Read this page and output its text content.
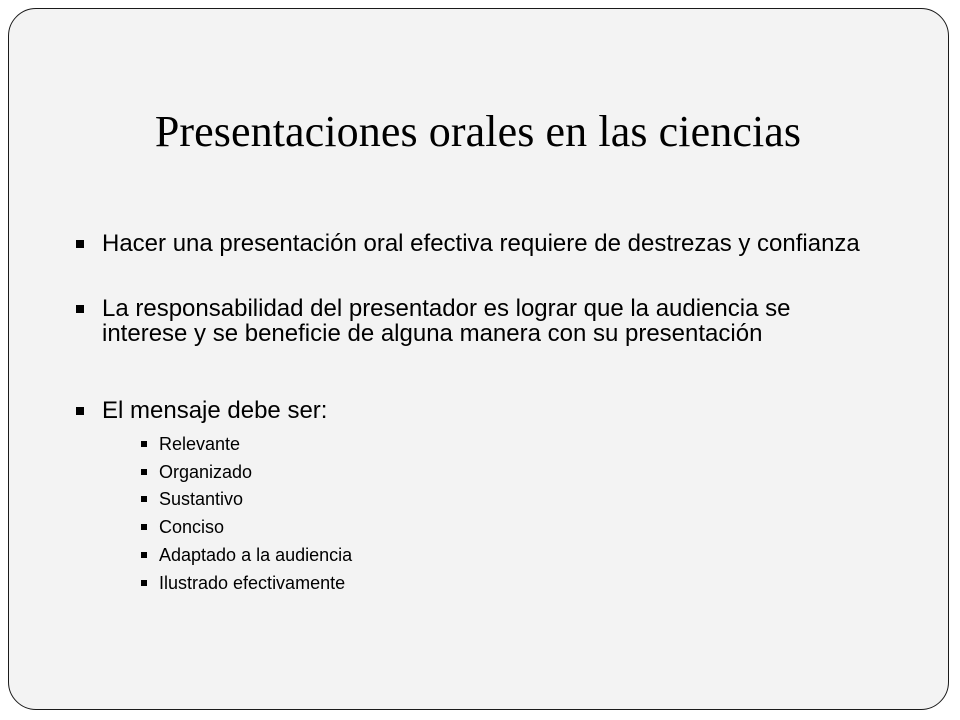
Presentaciones orales en las ciencias
Hacer una presentación oral efectiva requiere de destrezas y confianza
La responsabilidad del presentador es lograr que la audiencia se interese y se beneficie de alguna manera con su presentación
El mensaje debe ser:
Relevante
Organizado
Sustantivo
Conciso
Adaptado a la audiencia
Ilustrado efectivamente
